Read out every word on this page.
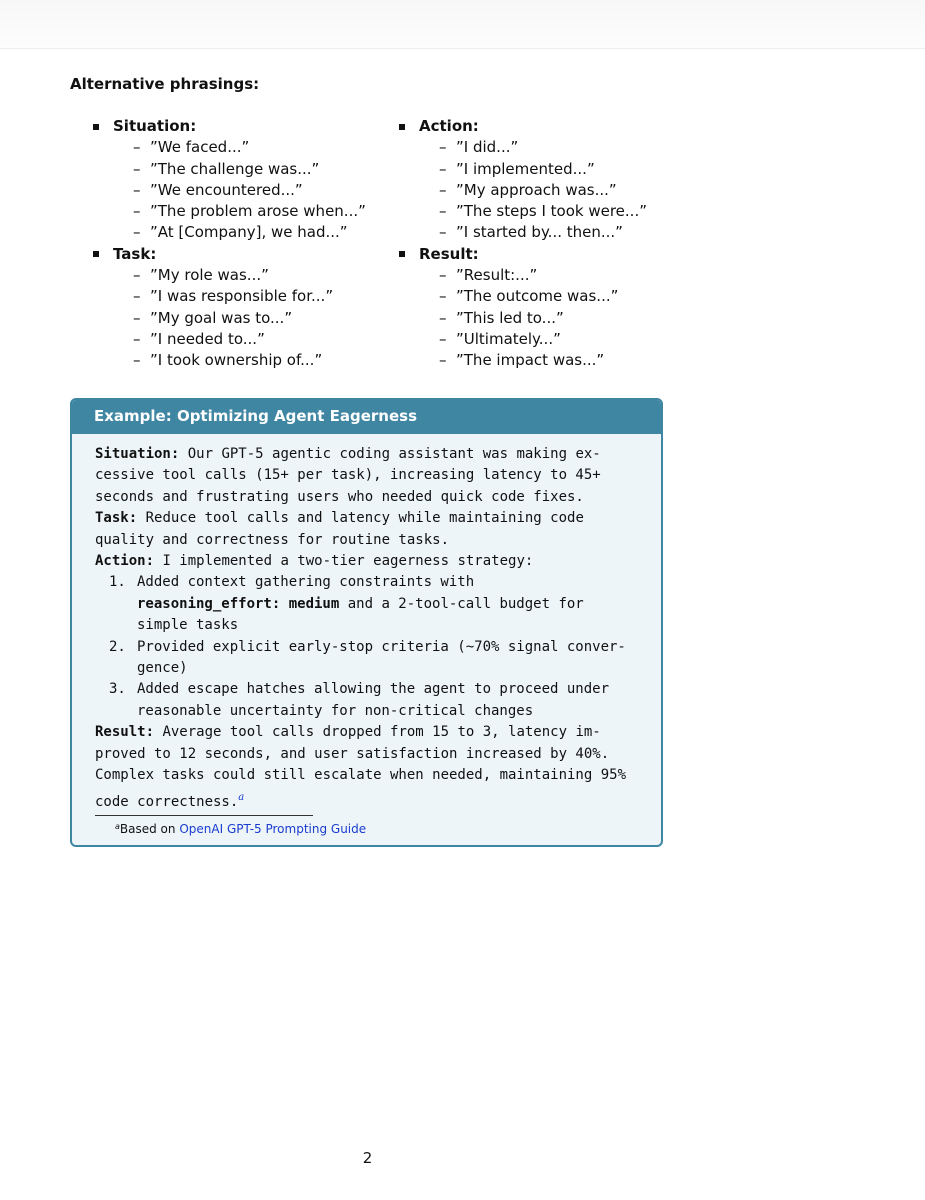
Alternative phrasings:
Situation:
– ”We faced...”
– ”The challenge was...”
– ”We encountered...”
– ”The problem arose when...”
– ”At [Company], we had...”
Task:
– ”My role was...”
– ”I was responsible for...”
– ”My goal was to...”
– ”I needed to...”
– ”I took ownership of...”
Action:
– ”I did...”
– ”I implemented...”
– ”My approach was...”
– ”The steps I took were...”
– ”I started by... then...”
Result:
– ”Result:...”
– ”The outcome was...”
– ”This led to...”
– ”Ultimately...”
– ”The impact was...”
Example: Optimizing Agent Eagerness
Situation: Our GPT-5 agentic coding assistant was making ex-
cessive tool calls (15+ per task), increasing latency to 45+
seconds and frustrating users who needed quick code fixes.
Task: Reduce tool calls and latency while maintaining code
quality and correctness for routine tasks.
Action: I implemented a two-tier eagerness strategy:
1. Added context gathering constraints with
reasoning_effort: medium and a 2-tool-call budget for
simple tasks
2. Provided explicit early-stop criteria (~70% signal conver-
gence)
3. Added escape hatches allowing the agent to proceed under
reasonable uncertainty for non-critical changes
Result: Average tool calls dropped from 15 to 3, latency im-
proved to 12 seconds, and user satisfaction increased by 40%.
Complex tasks could still escalate when needed, maintaining 95%
code correctness.$^a$
$^a$Based on OpenAI GPT-5 Prompting Guide
2
